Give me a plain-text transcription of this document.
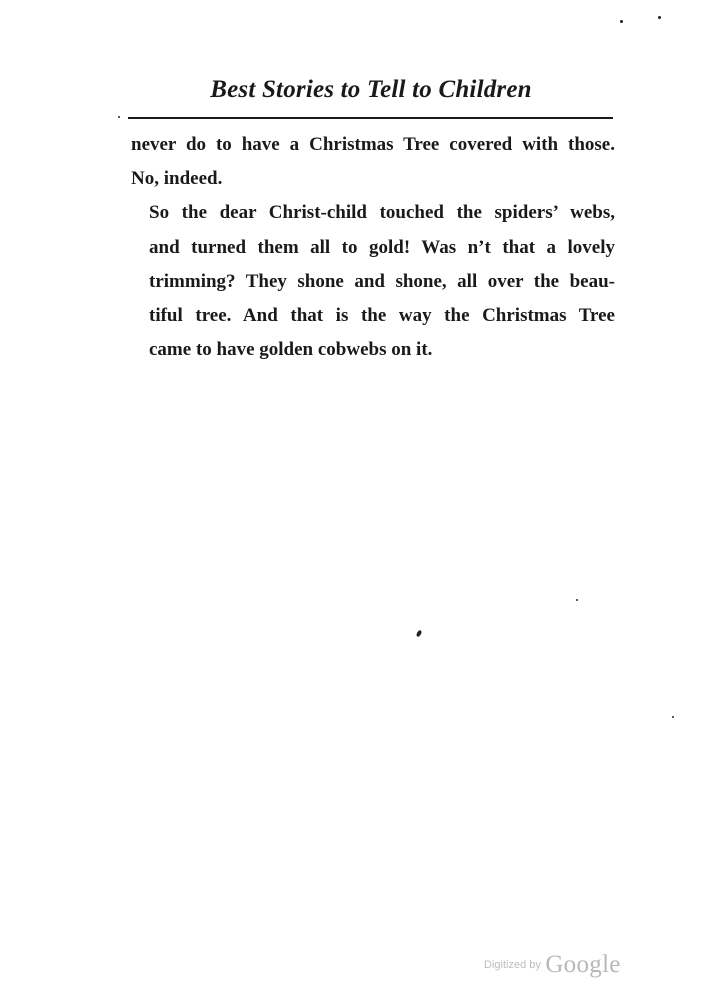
Best Stories to Tell to Children

never do to have a Christmas Tree covered with those.
No, indeed.

So the dear Christ-child touched the spiders’ webs,
and turned them all to gold! Was n’t that a lovely
trimming? They shone and shone, all over the beau-
tiful tree. And that is the way the Christmas Tree
came to have golden cobwebs on it.

$^{Digitized by}$ Google
